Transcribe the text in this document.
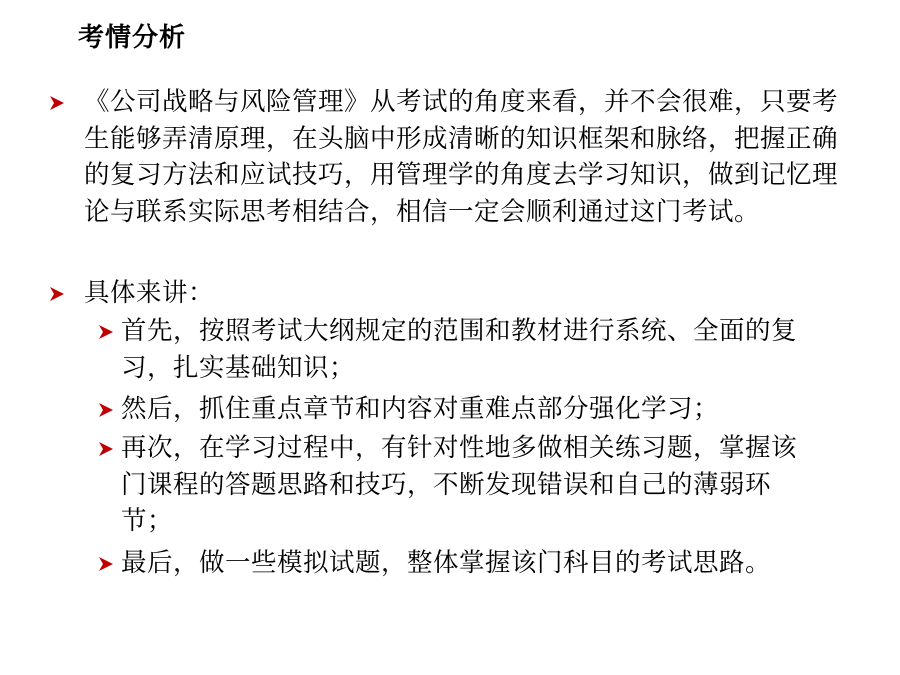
考情分析
《公司战略与风险管理》从考试的角度来看，并不会很难，只要考生能够弄清原理，在头脑中形成清晰的知识框架和脉络，把握正确的复习方法和应试技巧，用管理学的角度去学习知识，做到记忆理论与联系实际思考相结合，相信一定会顺利通过这门考试。
具体来讲：
首先，按照考试大纲规定的范围和教材进行系统、全面的复习，扎实基础知识；
然后，抓住重点章节和内容对重难点部分强化学习；
再次，在学习过程中，有针对性地多做相关练习题，掌握该门课程的答题思路和技巧，不断发现错误和自己的薄弱环节；
最后，做一些模拟试题，整体掌握该门科目的考试思路。
